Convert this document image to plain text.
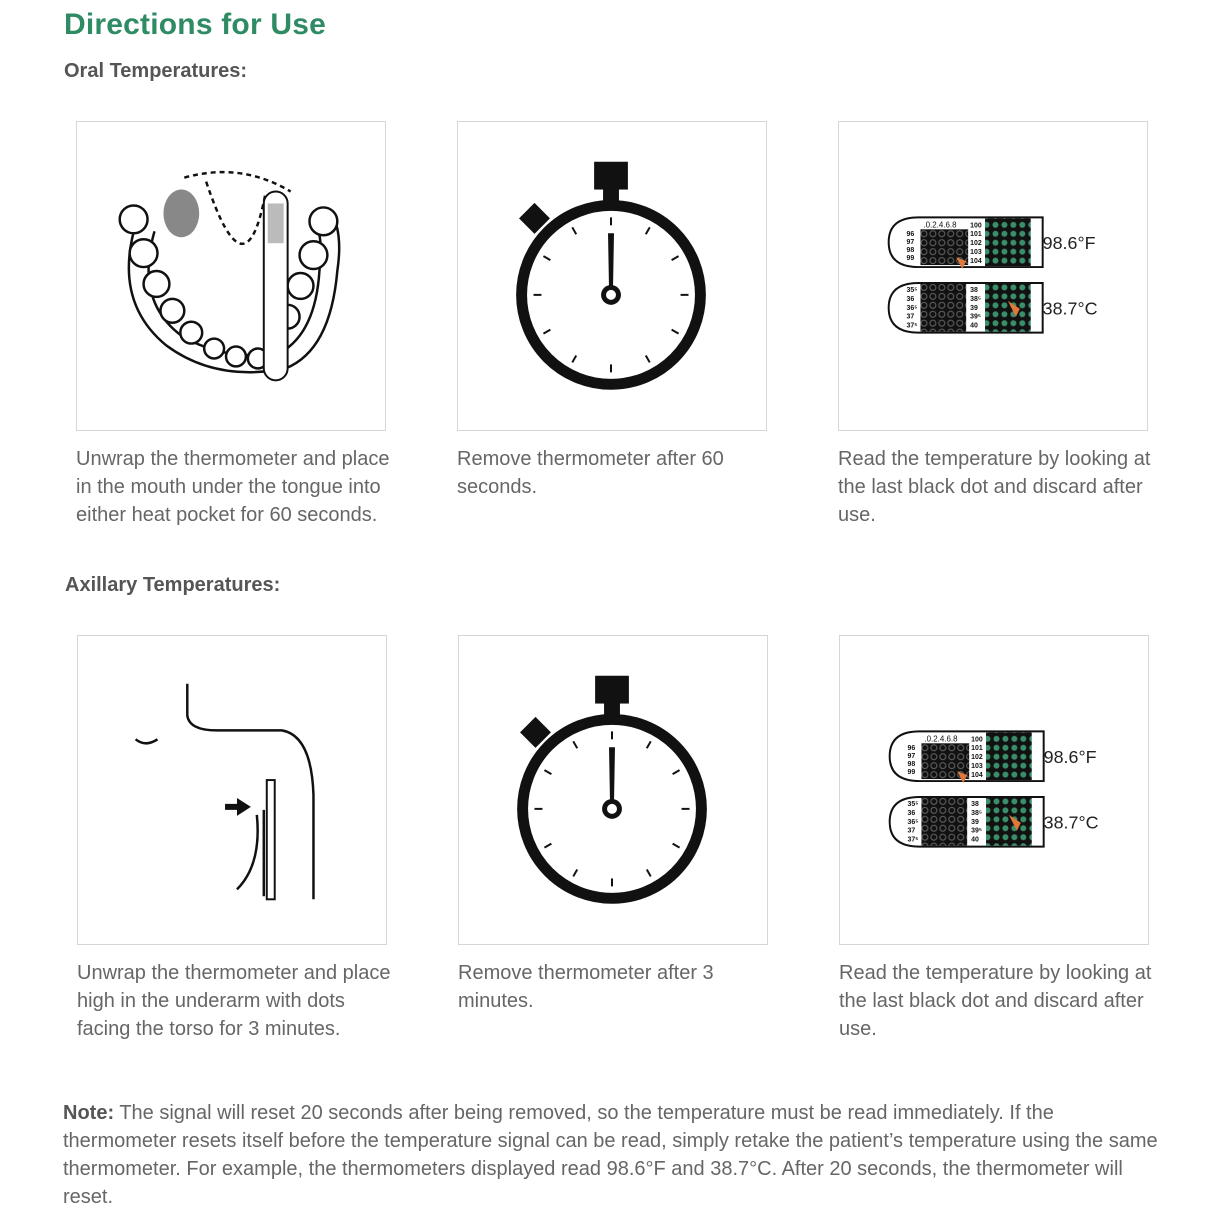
Directions for Use
Oral Temperatures:

Unwrap the thermometer and place in the mouth under the tongue into either heat pocket for 60 seconds.

Remove thermometer after 60 seconds.

.0.2.4.6.8
96
97
98
99
100
101
102
103
104
98.6°F
35⁵
36
36⁵
37
37⁵
38
38⁵
39
39⁵
40
38.7°C

Read the temperature by looking at the last black dot and discard after use.

Axillary Temperatures:

Unwrap the thermometer and place high in the underarm with dots facing the torso for 3 minutes.

Remove thermometer after 3 minutes.

.0.2.4.6.8
96
97
98
99
100
101
102
103
104
98.6°F
35⁵
36
36⁵
37
37⁵
38
38⁵
39
39⁵
40
38.7°C

Read the temperature by looking at the last black dot and discard after use.

Note: The signal will reset 20 seconds after being removed, so the temperature must be read immediately. If the thermometer resets itself before the temperature signal can be read, simply retake the patient’s temperature using the same thermometer. For example, the thermometers displayed read 98.6°F and 38.7°C. After 20 seconds, the thermometer will reset.
